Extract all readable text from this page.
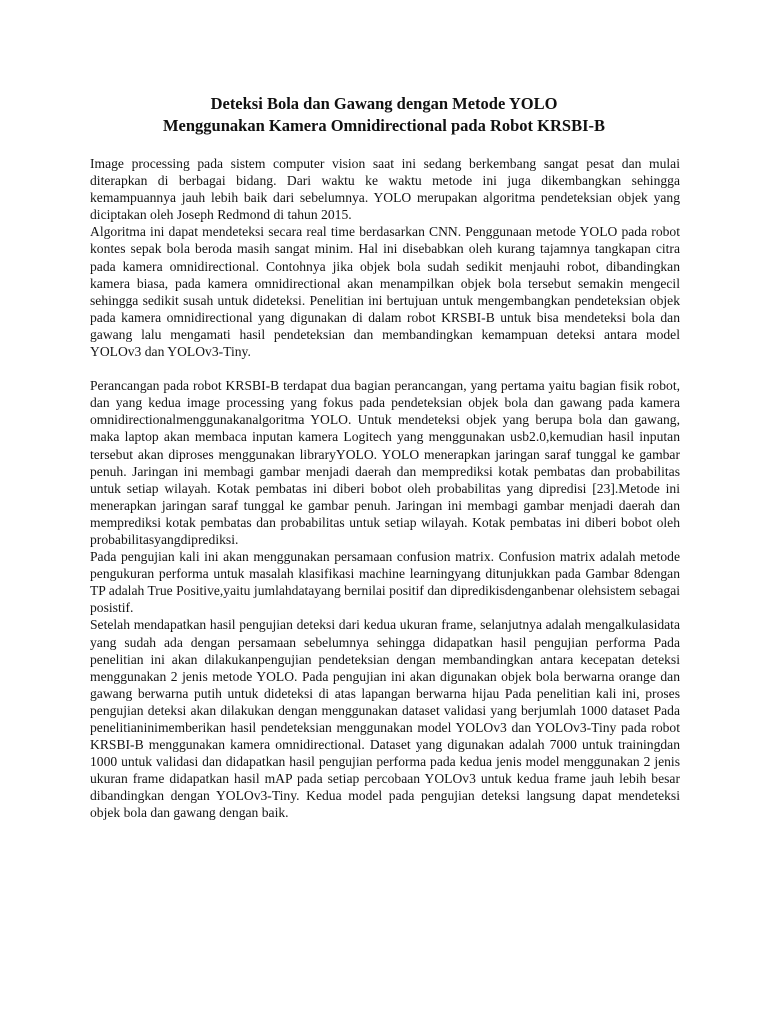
Deteksi Bola dan Gawang dengan Metode YOLO
Menggunakan Kamera Omnidirectional pada Robot KRSBI-B

Image processing pada sistem computer vision saat ini sedang berkembang sangat pesat dan mulai diterapkan di berbagai bidang. Dari waktu ke waktu metode ini juga dikembangkan sehingga kemampuannya jauh lebih baik dari sebelumnya. YOLO merupakan algoritma pendeteksian objek yang diciptakan oleh Joseph Redmond di tahun 2015.

Algoritma ini dapat mendeteksi secara real time berdasarkan CNN. Penggunaan metode YOLO pada robot kontes sepak bola beroda masih sangat minim. Hal ini disebabkan oleh kurang tajamnya tangkapan citra pada kamera omnidirectional. Contohnya jika objek bola sudah sedikit menjauhi robot, dibandingkan kamera biasa, pada kamera omnidirectional akan menampilkan objek bola tersebut semakin mengecil sehingga sedikit susah untuk dideteksi. Penelitian ini bertujuan untuk mengembangkan pendeteksian objek pada kamera omnidirectional yang digunakan di dalam robot KRSBI-B untuk bisa mendeteksi bola dan gawang lalu mengamati hasil pendeteksian dan membandingkan kemampuan deteksi antara model YOLOv3 dan YOLOv3-Tiny.

Perancangan pada robot KRSBI-B terdapat dua bagian perancangan, yang pertama yaitu bagian fisik robot, dan yang kedua image processing yang fokus pada pendeteksian objek bola dan gawang pada kamera omnidirectionalmenggunakanalgoritma YOLO. Untuk mendeteksi objek yang berupa bola dan gawang, maka laptop akan membaca inputan kamera Logitech yang menggunakan usb2.0,kemudian hasil inputan tersebut akan diproses menggunakan libraryYOLO. YOLO menerapkan jaringan saraf tunggal ke gambar penuh. Jaringan ini membagi gambar menjadi daerah dan memprediksi kotak pembatas dan probabilitas untuk setiap wilayah. Kotak pembatas ini diberi bobot oleh probabilitas yang dipredisi [23].Metode ini menerapkan jaringan saraf tunggal ke gambar penuh. Jaringan ini membagi gambar menjadi daerah dan memprediksi kotak pembatas dan probabilitas untuk setiap wilayah. Kotak pembatas ini diberi bobot oleh probabilitasyangdiprediksi.

Pada pengujian kali ini akan menggunakan persamaan confusion matrix. Confusion matrix adalah metode pengukuran performa untuk masalah klasifikasi machine learningyang ditunjukkan pada Gambar 8dengan TP adalah True Positive,yaitu jumlahdatayang bernilai positif dan dipredikisdenganbenar olehsistem sebagai posistif.

Setelah mendapatkan hasil pengujian deteksi dari kedua ukuran frame, selanjutnya adalah mengalkulasidata yang sudah ada dengan persamaan sebelumnya sehingga didapatkan hasil pengujian performa Pada penelitian ini akan dilakukanpengujian pendeteksian dengan membandingkan antara kecepatan deteksi menggunakan 2 jenis metode YOLO. Pada pengujian ini akan digunakan objek bola berwarna orange dan gawang berwarna putih untuk dideteksi di atas lapangan berwarna hijau Pada penelitian kali ini, proses pengujian deteksi akan dilakukan dengan menggunakan dataset validasi yang berjumlah 1000 dataset Pada penelitianinimemberikan hasil pendeteksian menggunakan model YOLOv3 dan YOLOv3-Tiny pada robot KRSBI-B menggunakan kamera omnidirectional. Dataset yang digunakan adalah 7000 untuk trainingdan 1000 untuk validasi dan didapatkan hasil pengujian performa pada kedua jenis model menggunakan 2 jenis ukuran frame didapatkan hasil mAP pada setiap percobaan YOLOv3 untuk kedua frame jauh lebih besar dibandingkan dengan YOLOv3-Tiny. Kedua model pada pengujian deteksi langsung dapat mendeteksi objek bola dan gawang dengan baik.
